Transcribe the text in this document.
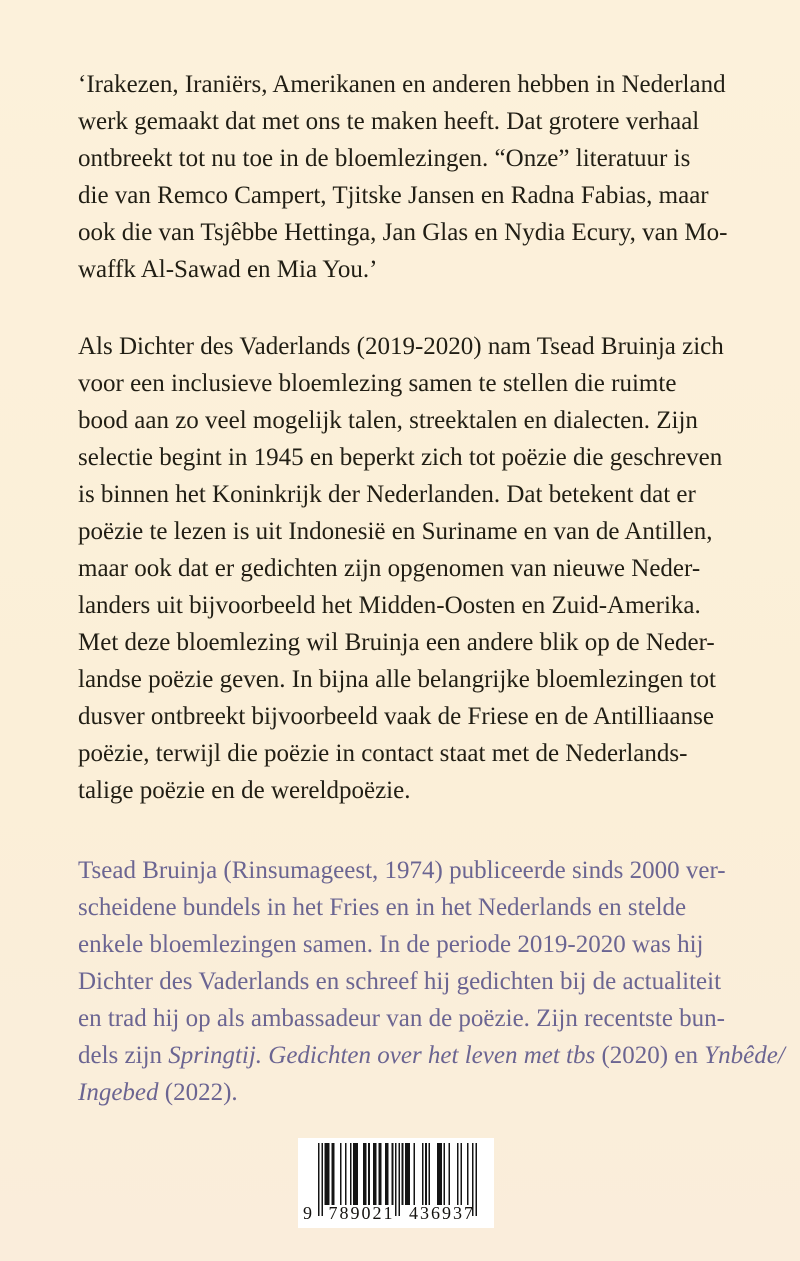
‘Irakezen, Iraniërs, Amerikanen en anderen hebben in Nederland
werk gemaakt dat met ons te maken heeft. Dat grotere verhaal
ontbreekt tot nu toe in de bloemlezingen. “Onze” literatuur is
die van Remco Campert, Tjitske Jansen en Radna Fabias, maar
ook die van Tsjêbbe Hettinga, Jan Glas en Nydia Ecury, van Mo-
waffk Al-Sawad en Mia You.’
Als Dichter des Vaderlands (2019-2020) nam Tsead Bruinja zich
voor een inclusieve bloemlezing samen te stellen die ruimte
bood aan zo veel mogelijk talen, streektalen en dialecten. Zijn
selectie begint in 1945 en beperkt zich tot poëzie die geschreven
is binnen het Koninkrijk der Nederlanden. Dat betekent dat er
poëzie te lezen is uit Indonesië en Suriname en van de Antillen,
maar ook dat er gedichten zijn opgenomen van nieuwe Neder-
landers uit bijvoorbeeld het Midden-Oosten en Zuid-Amerika.
Met deze bloemlezing wil Bruinja een andere blik op de Neder-
landse poëzie geven. In bijna alle belangrijke bloemlezingen tot
dusver ontbreekt bijvoorbeeld vaak de Friese en de Antilliaanse
poëzie, terwijl die poëzie in contact staat met de Nederlands-
talige poëzie en de wereldpoëzie.
Tsead Bruinja (Rinsumageest, 1974) publiceerde sinds 2000 ver-
scheidene bundels in het Fries en in het Nederlands en stelde
enkele bloemlezingen samen. In de periode 2019-2020 was hij
Dichter des Vaderlands en schreef hij gedichten bij de actualiteit
en trad hij op als ambassadeur van de poëzie. Zijn recentste bun-
dels zijn Springtij. Gedichten over het leven met tbs (2020) en Ynbêde/
Ingebed (2022).
9 789021 436937
